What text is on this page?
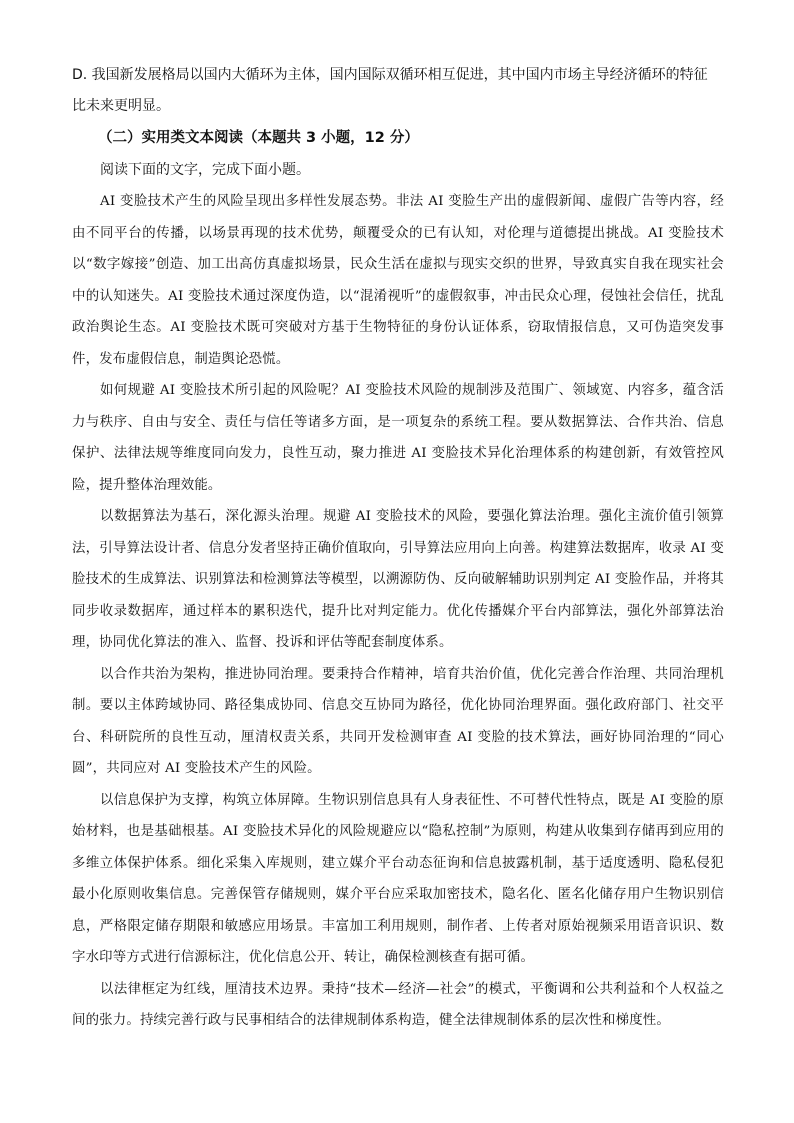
D. 我国新发展格局以国内大循环为主体，国内国际双循环相互促进，其中国内市场主导经济循环的特征

比未来更明显。

（二）实用类文本阅读（本题共 3 小题，12 分）

阅读下面的文字，完成下面小题。

AI 变脸技术产生的风险呈现出多样性发展态势。非法 AI 变脸生产出的虚假新闻、虚假广告等内容，经由不同平台的传播，以场景再现的技术优势，颠覆受众的已有认知，对伦理与道德提出挑战。AI 变脸技术以“数字嫁接”创造、加工出高仿真虚拟场景，民众生活在虚拟与现实交织的世界，导致真实自我在现实社会中的认知迷失。AI 变脸技术通过深度伪造，以“混淆视听”的虚假叙事，冲击民众心理，侵蚀社会信任，扰乱政治舆论生态。AI 变脸技术既可突破对方基于生物特征的身份认证体系，窃取情报信息，又可伪造突发事件，发布虚假信息，制造舆论恐慌。

如何规避 AI 变脸技术所引起的风险呢？AI 变脸技术风险的规制涉及范围广、领域宽、内容多，蕴含活力与秩序、自由与安全、责任与信任等诸多方面，是一项复杂的系统工程。要从数据算法、合作共治、信息保护、法律法规等维度同向发力，良性互动，聚力推进 AI 变脸技术异化治理体系的构建创新，有效管控风险，提升整体治理效能。

以数据算法为基石，深化源头治理。规避 AI 变脸技术的风险，要强化算法治理。强化主流价值引领算法，引导算法设计者、信息分发者坚持正确价值取向，引导算法应用向上向善。构建算法数据库，收录 AI 变脸技术的生成算法、识别算法和检测算法等模型，以溯源防伪、反向破解辅助识别判定 AI 变脸作品，并将其同步收录数据库，通过样本的累积迭代，提升比对判定能力。优化传播媒介平台内部算法，强化外部算法治理，协同优化算法的准入、监督、投诉和评估等配套制度体系。

以合作共治为架构，推进协同治理。要秉持合作精神，培育共治价值，优化完善合作治理、共同治理机制。要以主体跨域协同、路径集成协同、信息交互协同为路径，优化协同治理界面。强化政府部门、社交平台、科研院所的良性互动，厘清权责关系，共同开发检测审查 AI 变脸的技术算法，画好协同治理的“同心圆”，共同应对 AI 变脸技术产生的风险。

以信息保护为支撑，构筑立体屏障。生物识别信息具有人身表征性、不可替代性特点，既是 AI 变脸的原始材料，也是基础根基。AI 变脸技术异化的风险规避应以“隐私控制”为原则，构建从收集到存储再到应用的多维立体保护体系。细化采集入库规则，建立媒介平台动态征询和信息披露机制，基于适度透明、隐私侵犯最小化原则收集信息。完善保管存储规则，媒介平台应采取加密技术，隐名化、匿名化储存用户生物识别信息，严格限定储存期限和敏感应用场景。丰富加工利用规则，制作者、上传者对原始视频采用语音识识、数字水印等方式进行信源标注，优化信息公开、转让，确保检测核查有据可循。

以法律框定为红线，厘清技术边界。秉持“技术—经济—社会”的模式，平衡调和公共利益和个人权益之间的张力。持续完善行政与民事相结合的法律规制体系构造，健全法律规制体系的层次性和梯度性。
